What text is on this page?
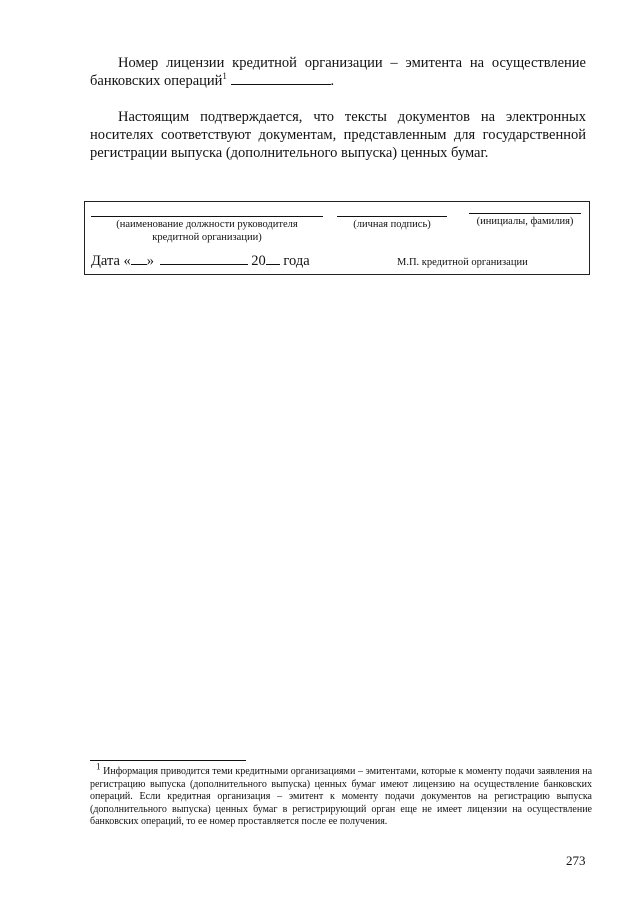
Номер лицензии кредитной организации – эмитента на осуществление банковских операций$^1$	.
Настоящим подтверждается, что тексты документов на электронных носителях соответствуют документам, представленным для государственной регистрации выпуска (дополнительного выпуска) ценных бумаг.
(наименование должности руководителя
кредитной организации)
(личная подпись)	(инициалы, фамилия)
Дата « »	20 года	М.П. кредитной организации
$^1$ Информация приводится теми кредитными организациями – эмитентами, которые к моменту подачи заявления на регистрацию выпуска (дополнительного выпуска) ценных бумаг имеют лицензию на осуществление банковских операций. Если кредитная организация – эмитент к моменту подачи документов на регистрацию выпуска (дополнительного выпуска) ценных бумаг в регистрирующий орган еще не имеет лицензии на осуществление банковских операций, то ее номер проставляется после ее получения.
273
